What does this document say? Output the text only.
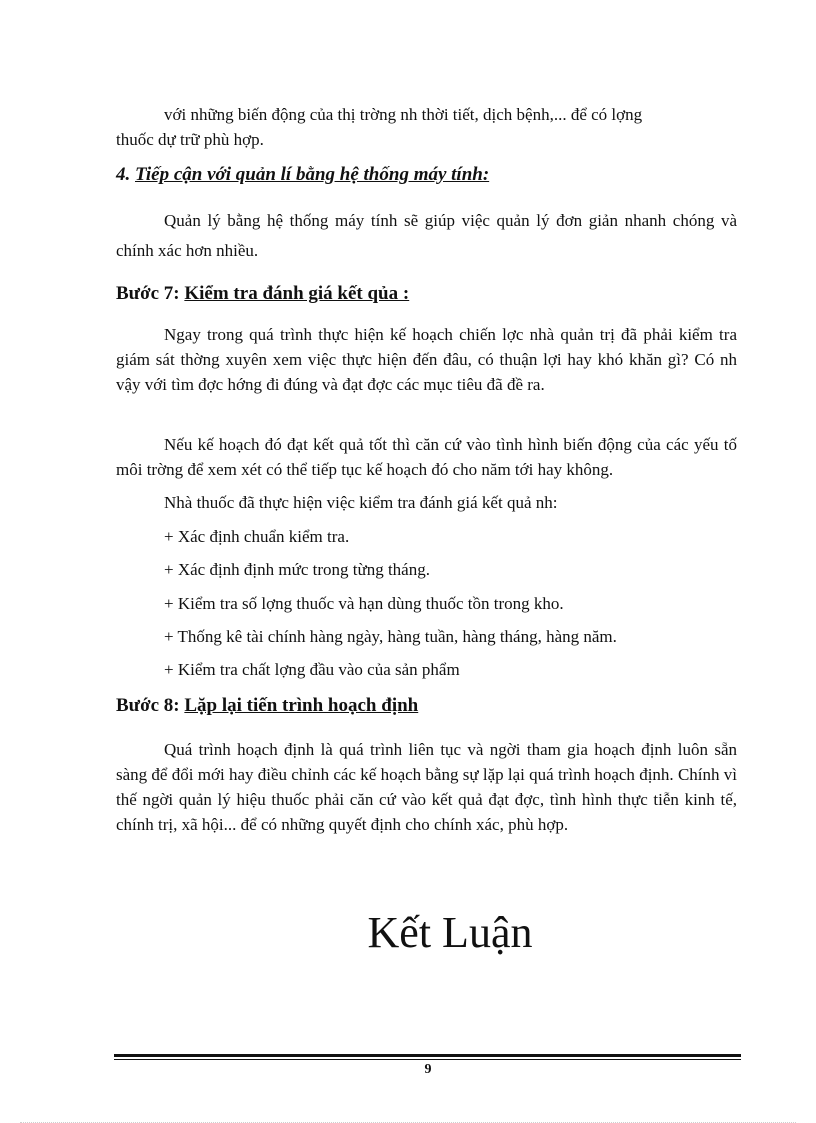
với những biến động của thị trờng nh thời tiết, dịch bệnh,... để có lợng

thuốc dự trữ phù hợp.

4. Tiếp cận với quản lí bằng hệ thống máy tính:

Quản lý bằng hệ thống máy tính sẽ giúp việc quản lý đơn giản nhanh chóng và chính xác hơn nhiều.

Bước 7: Kiểm tra đánh giá kết qủa :

Ngay trong quá trình thực hiện kế hoạch chiến lợc nhà quản trị đã phải kiểm tra giám sát thờng xuyên xem việc thực hiện đến đâu, có thuận lợi hay khó khăn gì? Có nh vậy với tìm đợc hớng đi đúng và đạt đợc các mục tiêu đã đề ra.

Nếu kế hoạch đó đạt kết quả tốt thì căn cứ vào tình hình biến động của các yếu tố môi trờng để xem xét có thể tiếp tục kế hoạch đó cho năm tới hay không.

Nhà thuốc đã thực hiện việc kiểm tra đánh giá kết quả nh:

+ Xác định chuẩn kiểm tra.

+ Xác định định mức trong từng tháng.

+ Kiểm tra số lợng thuốc và hạn dùng thuốc tồn trong kho.

+ Thống kê tài chính hàng ngày, hàng tuần, hàng tháng, hàng năm.

+ Kiểm tra chất lợng đầu vào của sản phẩm

Bước 8: Lặp lại tiến trình hoạch định

Quá trình hoạch định là quá trình liên tục và ngời tham gia hoạch định luôn sẵn sàng để đổi mới hay điều chỉnh các kế hoạch bằng sự lặp lại quá trình hoạch định. Chính vì thế ngời quản lý hiệu thuốc phải căn cứ vào kết quả đạt đợc, tình hình thực tiễn kinh tế, chính trị, xã hội... để có những quyết định cho chính xác, phù hợp.

Kết Luận

9
